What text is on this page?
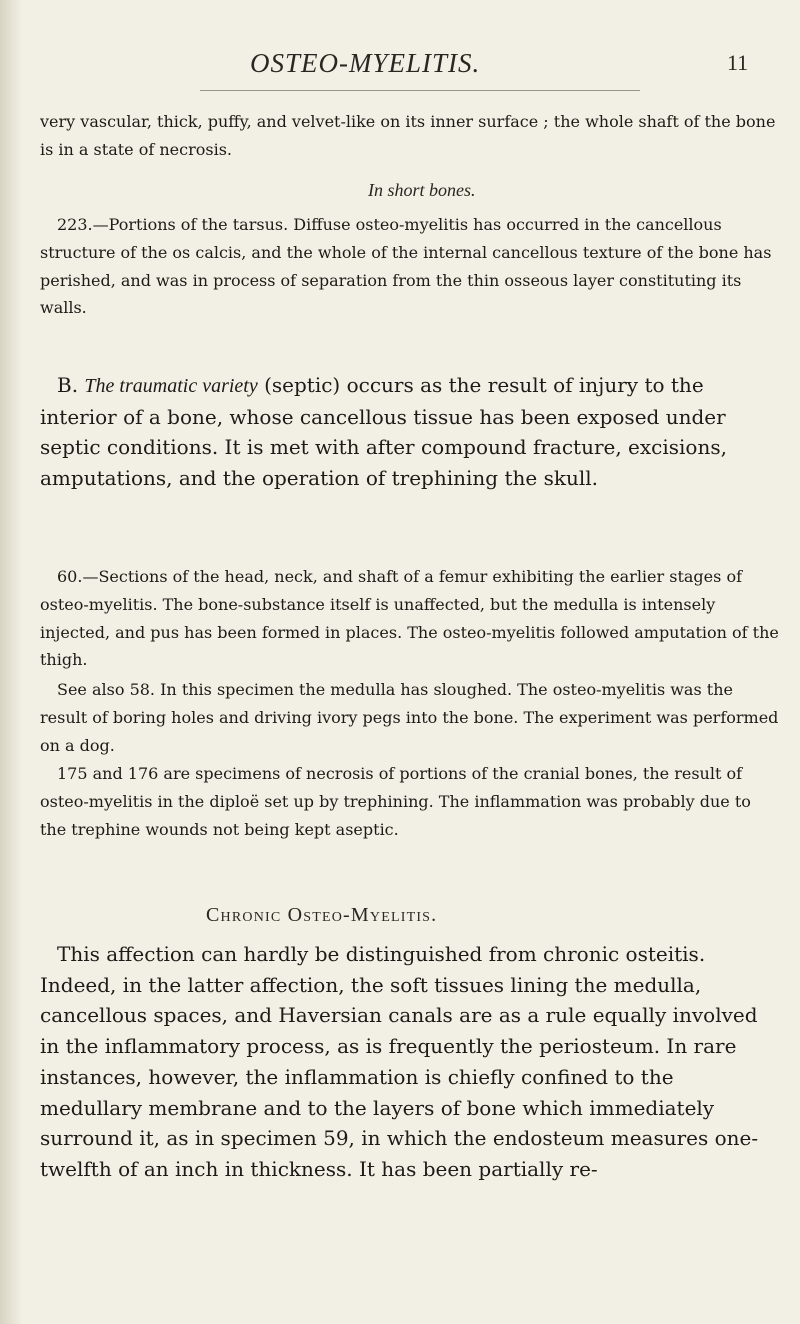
OSTEO-MYELITIS.	11

very vascular, thick, puffy, and velvet-like on its inner surface ; the whole shaft of the bone is in a state of necrosis.

In short bones.

223.—Portions of the tarsus. Diffuse osteo-myelitis has occurred in the cancellous structure of the os calcis, and the whole of the internal cancellous texture of the bone has perished, and was in process of separation from the thin osseous layer constituting its walls.

B. The traumatic variety (septic) occurs as the result of injury to the interior of a bone, whose cancellous tissue has been exposed under septic conditions. It is met with after compound fracture, excisions, amputations, and the operation of trephining the skull.

60.—Sections of the head, neck, and shaft of a femur exhibiting the earlier stages of osteo-myelitis. The bone-substance itself is unaffected, but the medulla is intensely injected, and pus has been formed in places. The osteo-myelitis followed amputation of the thigh.

See also 58. In this specimen the medulla has sloughed. The osteo-myelitis was the result of boring holes and driving ivory pegs into the bone. The experiment was performed on a dog.

175 and 176 are specimens of necrosis of portions of the cranial bones, the result of osteo-myelitis in the diploë set up by trephining. The inflammation was probably due to the trephine wounds not being kept aseptic.

Chronic Osteo-Myelitis.

This affection can hardly be distinguished from chronic osteitis. Indeed, in the latter affection, the soft tissues lining the medulla, cancellous spaces, and Haversian canals are as a rule equally involved in the inflammatory process, as is frequently the periosteum. In rare instances, however, the inflammation is chiefly confined to the medullary membrane and to the layers of bone which immediately surround it, as in specimen 59, in which the endosteum measures one-twelfth of an inch in thickness. It has been partially re-
